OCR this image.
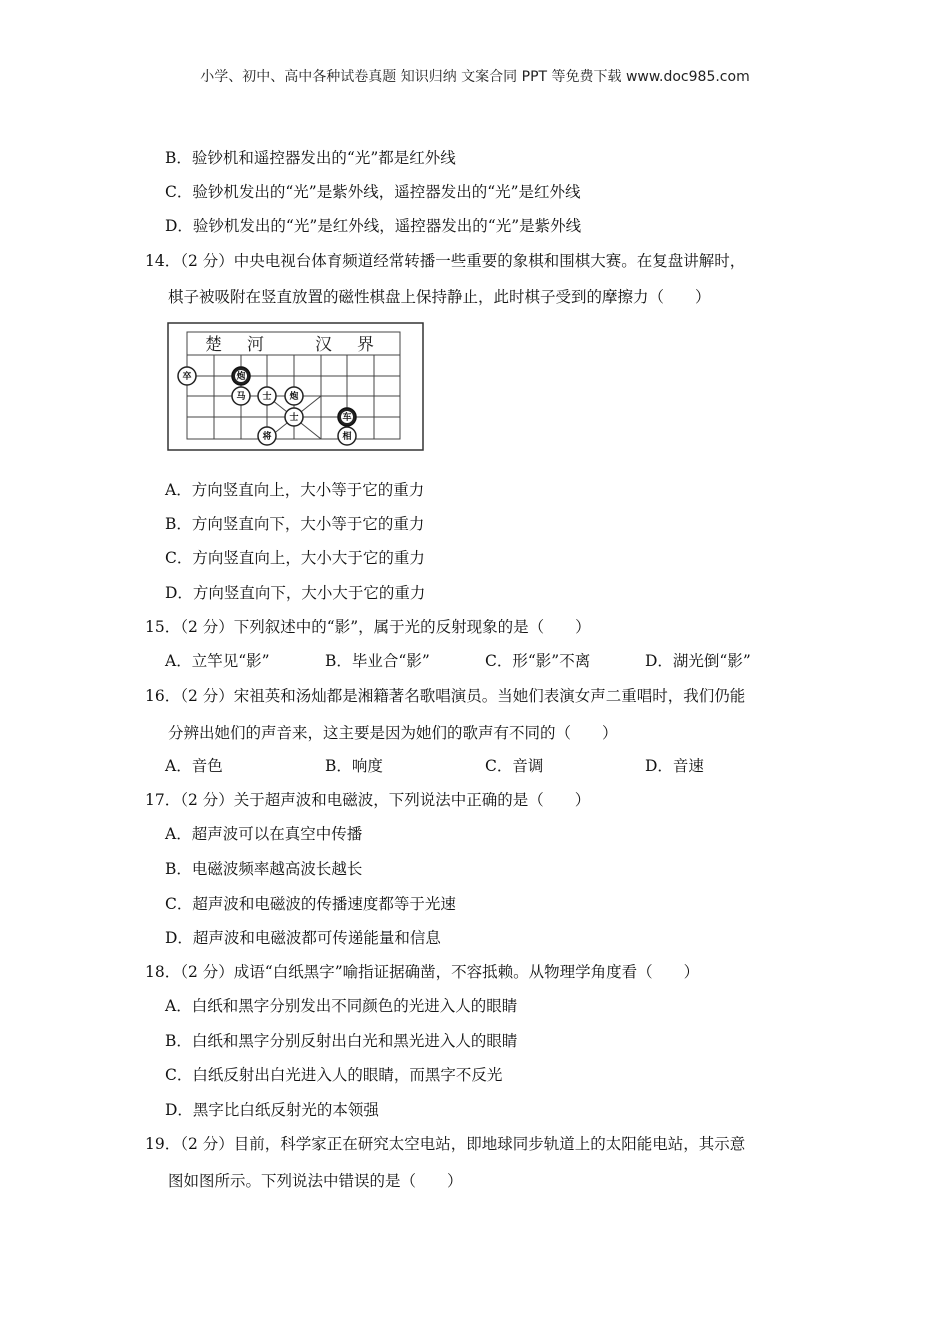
小学、初中、高中各种试卷真题 知识归纳 文案合同 PPT 等免费下载 www.doc985.com
B．验钞机和遥控器发出的“光”都是红外线
C．验钞机发出的“光”是紫外线，遥控器发出的“光”是红外线
D．验钞机发出的“光”是红外线，遥控器发出的“光”是紫外线
14．（2 分）中央电视台体育频道经常转播一些重要的象棋和围棋大赛。在复盘讲解时，
棋子被吸附在竖直放置的磁性棋盘上保持静止，此时棋子受到的摩擦力（　　）
楚 河	汉 界
卒	炮
马 士 炮
士	车
将	相
A．方向竖直向上，大小等于它的重力
B．方向竖直向下，大小等于它的重力
C．方向竖直向上，大小大于它的重力
D．方向竖直向下，大小大于它的重力
15．（2 分）下列叙述中的“影”，属于光的反射现象的是（　　）
A．立竿见“影”	B．毕业合“影”	C．形“影”不离	D．湖光倒“影”
16．（2 分）宋祖英和汤灿都是湘籍著名歌唱演员。当她们表演女声二重唱时，我们仍能
分辨出她们的声音来，这主要是因为她们的歌声有不同的（　　）
A．音色	B．响度	C．音调	D．音速
17．（2 分）关于超声波和电磁波，下列说法中正确的是（　　）
A．超声波可以在真空中传播
B．电磁波频率越高波长越长
C．超声波和电磁波的传播速度都等于光速
D．超声波和电磁波都可传递能量和信息
18．（2 分）成语“白纸黑字”喻指证据确凿，不容抵赖。从物理学角度看（　　）
A．白纸和黑字分别发出不同颜色的光进入人的眼睛
B．白纸和黑字分别反射出白光和黑光进入人的眼睛
C．白纸反射出白光进入人的眼睛，而黑字不反光
D．黑字比白纸反射光的本领强
19．（2 分）目前，科学家正在研究太空电站，即地球同步轨道上的太阳能电站，其示意
图如图所示。下列说法中错误的是（　　）
